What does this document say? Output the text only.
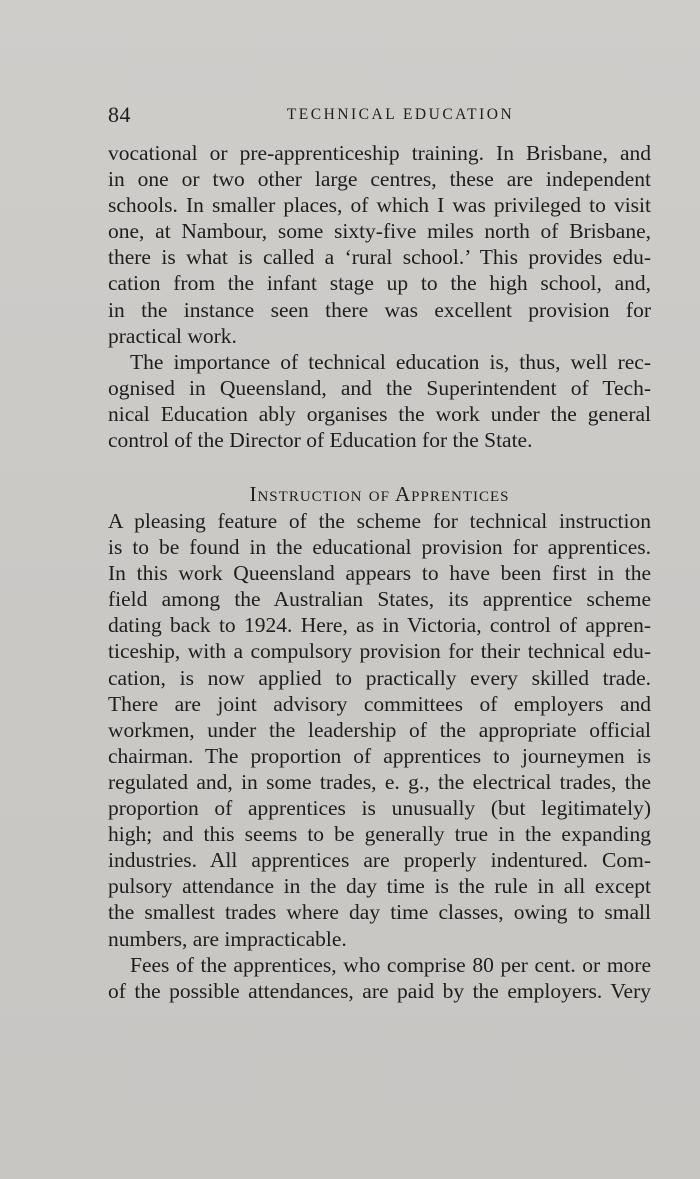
84	TECHNICAL EDUCATION
vocational or pre-apprenticeship training. In Brisbane, and
in one or two other large centres, these are independent
schools. In smaller places, of which I was privileged to visit
one, at Nambour, some sixty-five miles north of Brisbane,
there is what is called a ‘rural school.’ This provides edu-
cation from the infant stage up to the high school, and,
in the instance seen there was excellent provision for
practical work.
The importance of technical education is, thus, well rec-
ognised in Queensland, and the Superintendent of Tech-
nical Education ably organises the work under the general
control of the Director of Education for the State.
Instruction of Apprentices
A pleasing feature of the scheme for technical instruction
is to be found in the educational provision for apprentices.
In this work Queensland appears to have been first in the
field among the Australian States, its apprentice scheme
dating back to 1924. Here, as in Victoria, control of appren-
ticeship, with a compulsory provision for their technical edu-
cation, is now applied to practically every skilled trade.
There are joint advisory committees of employers and
workmen, under the leadership of the appropriate official
chairman. The proportion of apprentices to journeymen is
regulated and, in some trades, e. g., the electrical trades, the
proportion of apprentices is unusually (but legitimately)
high; and this seems to be generally true in the expanding
industries. All apprentices are properly indentured. Com-
pulsory attendance in the day time is the rule in all except
the smallest trades where day time classes, owing to small
numbers, are impracticable.
Fees of the apprentices, who comprise 80 per cent. or more
of the possible attendances, are paid by the employers. Very
